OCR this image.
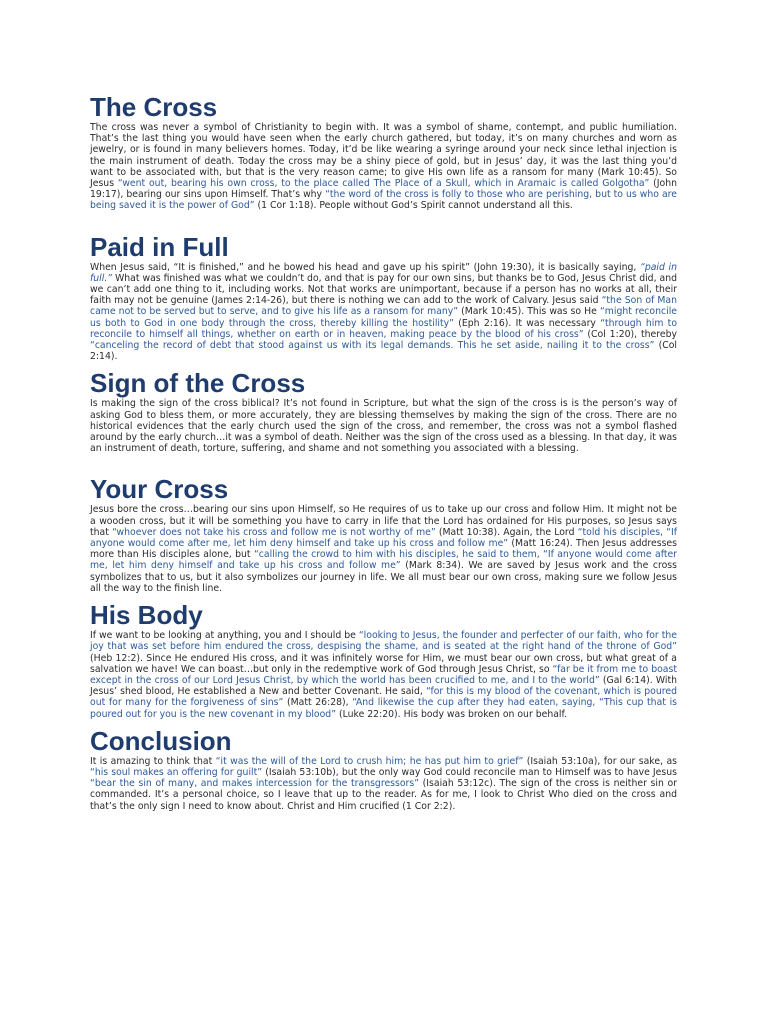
The Cross

The cross was never a symbol of Christianity to begin with. It was a symbol of shame, contempt, and public humiliation. That’s the last thing you would have seen when the early church gathered, but today, it’s on many churches and worn as jewelry, or is found in many believers homes. Today, it’d be like wearing a syringe around your neck since lethal injection is the main instrument of death. Today the cross may be a shiny piece of gold, but in Jesus’ day, it was the last thing you’d want to be associated with, but that is the very reason came; to give His own life as a ransom for many (Mark 10:45). So Jesus “went out, bearing his own cross, to the place called The Place of a Skull, which in Aramaic is called Golgotha” (John 19:17), bearing our sins upon Himself. That’s why “the word of the cross is folly to those who are perishing, but to us who are being saved it is the power of God” (1 Cor 1:18). People without God’s Spirit cannot understand all this.

Paid in Full

When Jesus said, “It is finished,” and he bowed his head and gave up his spirit” (John 19:30), it is basically saying, “paid in full.” What was finished was what we couldn’t do, and that is pay for our own sins, but thanks be to God, Jesus Christ did, and we can’t add one thing to it, including works. Not that works are unimportant, because if a person has no works at all, their faith may not be genuine (James 2:14-26), but there is nothing we can add to the work of Calvary. Jesus said “the Son of Man came not to be served but to serve, and to give his life as a ransom for many” (Mark 10:45). This was so He “might reconcile us both to God in one body through the cross, thereby killing the hostility” (Eph 2:16). It was necessary “through him to reconcile to himself all things, whether on earth or in heaven, making peace by the blood of his cross” (Col 1:20), thereby “canceling the record of debt that stood against us with its legal demands. This he set aside, nailing it to the cross” (Col 2:14).

Sign of the Cross

Is making the sign of the cross biblical? It’s not found in Scripture, but what the sign of the cross is is the person’s way of asking God to bless them, or more accurately, they are blessing themselves by making the sign of the cross. There are no historical evidences that the early church used the sign of the cross, and remember, the cross was not a symbol flashed around by the early church…it was a symbol of death. Neither was the sign of the cross used as a blessing. In that day, it was an instrument of death, torture, suffering, and shame and not something you associated with a blessing.

Your Cross

Jesus bore the cross…bearing our sins upon Himself, so He requires of us to take up our cross and follow Him. It might not be a wooden cross, but it will be something you have to carry in life that the Lord has ordained for His purposes, so Jesus says that “whoever does not take his cross and follow me is not worthy of me” (Matt 10:38). Again, the Lord “told his disciples, “If anyone would come after me, let him deny himself and take up his cross and follow me” (Matt 16:24). Then Jesus addresses more than His disciples alone, but “calling the crowd to him with his disciples, he said to them, “If anyone would come after me, let him deny himself and take up his cross and follow me” (Mark 8:34). We are saved by Jesus work and the cross symbolizes that to us, but it also symbolizes our journey in life. We all must bear our own cross, making sure we follow Jesus all the way to the finish line.

His Body

If we want to be looking at anything, you and I should be “looking to Jesus, the founder and perfecter of our faith, who for the joy that was set before him endured the cross, despising the shame, and is seated at the right hand of the throne of God” (Heb 12:2). Since He endured His cross, and it was infinitely worse for Him, we must bear our own cross, but what great of a salvation we have! We can boast…but only in the redemptive work of God through Jesus Christ, so “far be it from me to boast except in the cross of our Lord Jesus Christ, by which the world has been crucified to me, and I to the world” (Gal 6:14). With Jesus’ shed blood, He established a New and better Covenant. He said, “for this is my blood of the covenant, which is poured out for many for the forgiveness of sins” (Matt 26:28), “And likewise the cup after they had eaten, saying, “This cup that is poured out for you is the new covenant in my blood” (Luke 22:20). His body was broken on our behalf.

Conclusion

It is amazing to think that “it was the will of the Lord to crush him; he has put him to grief” (Isaiah 53:10a), for our sake, as “his soul makes an offering for guilt” (Isaiah 53:10b), but the only way God could reconcile man to Himself was to have Jesus “bear the sin of many, and makes intercession for the transgressors” (Isaiah 53:12c). The sign of the cross is neither sin or commanded. It’s a personal choice, so I leave that up to the reader. As for me, I look to Christ Who died on the cross and that’s the only sign I need to know about. Christ and Him crucified (1 Cor 2:2).
